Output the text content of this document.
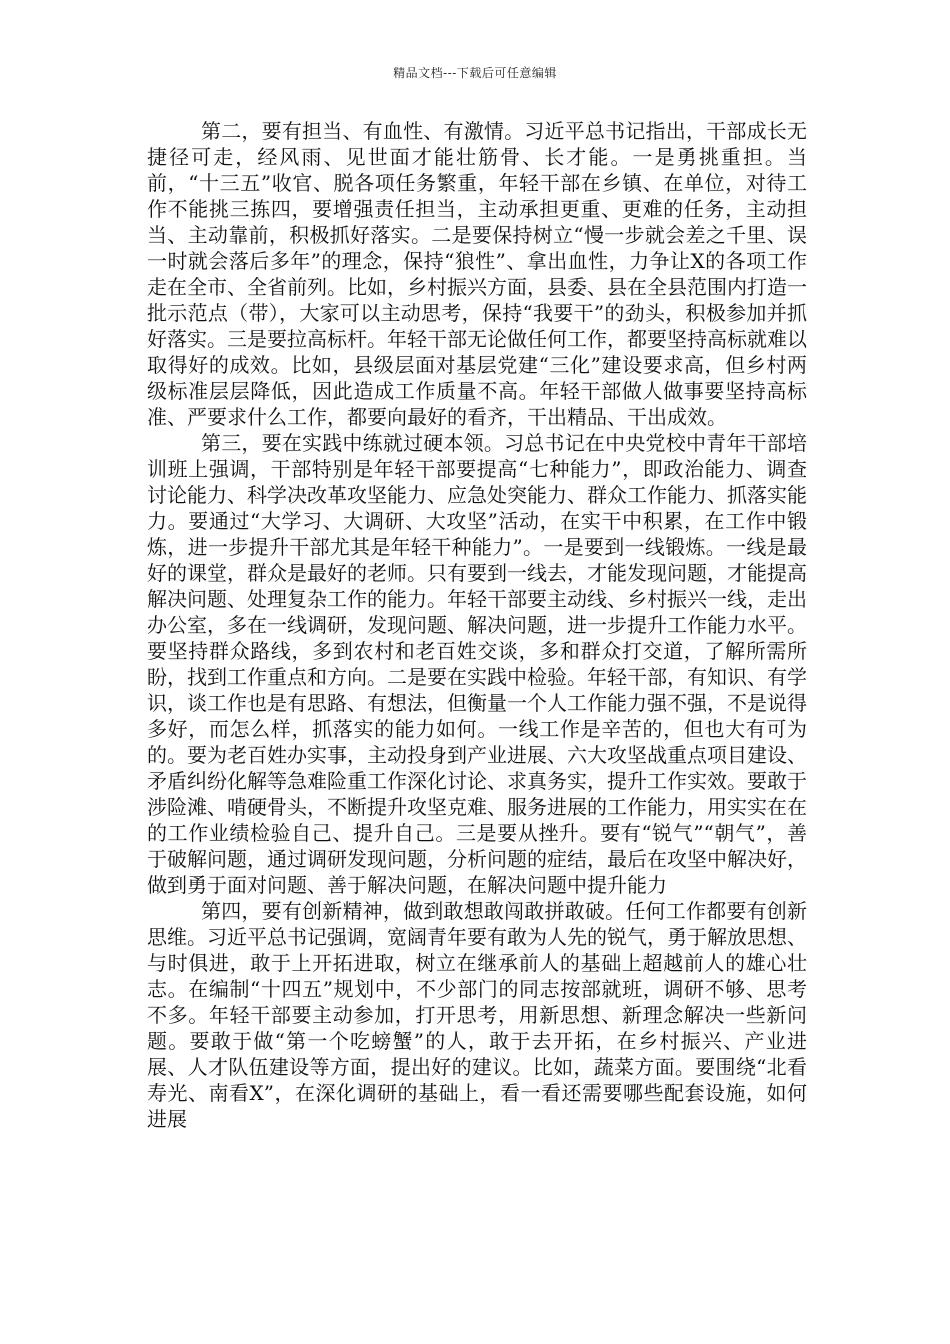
精品文档---下载后可任意编辑

第二，要有担当、有血性、有激情。习近平总书记指出，干部成长无捷径可走，经风雨、见世面才能壮筋骨、长才能。一是勇挑重担。当前，“十三五”收官、脱各项任务繁重，年轻干部在乡镇、在单位，对待工作不能挑三拣四，要增强责任担当，主动承担更重、更难的任务，主动担当、主动靠前，积极抓好落实。二是要保持树立“慢一步就会差之千里、误一时就会落后多年”的理念，保持“狼性”、拿出血性，力争让X的各项工作走在全市、全省前列。比如，乡村振兴方面，县委、县在全县范围内打造一批示范点（带），大家可以主动思考，保持“我要干”的劲头，积极参加并抓好落实。三是要拉高标杆。年轻干部无论做任何工作，都要坚持高标就难以取得好的成效。比如，县级层面对基层党建“三化”建设要求高，但乡村两级标准层层降低，因此造成工作质量不高。年轻干部做人做事要坚持高标准、严要求什么工作，都要向最好的看齐，干出精品、干出成效。

第三，要在实践中练就过硬本领。习总书记在中央党校中青年干部培训班上强调，干部特别是年轻干部要提高“七种能力”，即政治能力、调查讨论能力、科学决改革攻坚能力、应急处突能力、群众工作能力、抓落实能力。要通过“大学习、大调研、大攻坚”活动，在实干中积累，在工作中锻炼，进一步提升干部尤其是年轻干种能力”。一是要到一线锻炼。一线是最好的课堂，群众是最好的老师。只有要到一线去，才能发现问题，才能提高解决问题、处理复杂工作的能力。年轻干部要主动线、乡村振兴一线，走出办公室，多在一线调研，发现问题、解决问题，进一步提升工作能力水平。要坚持群众路线，多到农村和老百姓交谈，多和群众打交道，了解所需所盼，找到工作重点和方向。二是要在实践中检验。年轻干部，有知识、有学识，谈工作也是有思路、有想法，但衡量一个人工作能力强不强，不是说得多好，而怎么样，抓落实的能力如何。一线工作是辛苦的，但也大有可为的。要为老百姓办实事，主动投身到产业进展、六大攻坚战重点项目建设、矛盾纠纷化解等急难险重工作深化讨论、求真务实，提升工作实效。要敢于涉险滩、啃硬骨头，不断提升攻坚克难、服务进展的工作能力，用实实在在的工作业绩检验自己、提升自己。三是要从挫升。要有“锐气”“朝气”，善于破解问题，通过调研发现问题，分析问题的症结，最后在攻坚中解决好，做到勇于面对问题、善于解决问题，在解决问题中提升能力

第四，要有创新精神，做到敢想敢闯敢拼敢破。任何工作都要有创新思维。习近平总书记强调，宽阔青年要有敢为人先的锐气，勇于解放思想、与时俱进，敢于上开拓进取，树立在继承前人的基础上超越前人的雄心壮志。在编制“十四五”规划中，不少部门的同志按部就班，调研不够、思考不多。年轻干部要主动参加，打开思考，用新思想、新理念解决一些新问题。要敢于做“第一个吃螃蟹”的人，敢于去开拓，在乡村振兴、产业进展、人才队伍建设等方面，提出好的建议。比如，蔬菜方面。要围绕“北看寿光、南看X”，在深化调研的基础上，看一看还需要哪些配套设施，如何进展
